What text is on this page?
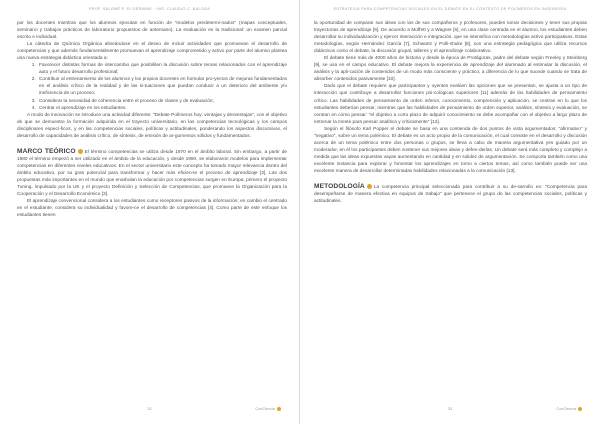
PROF. SALOMÉ P. DI GERMINE · ING. CLAUDIO C. BALOGA

por los docentes mientras que los alumnos ejecutan en función de "modelos predetermi-nados" (mapas conceptuales, seminario y trabajos prácticos de laboratorio propuestos de antemano). La evaluación es la tradicional: un examen parcial escrito e individual.

La cátedra de Química Orgánica alineándose en el deseo de incluir actividades que promuevan el desarrollo de competencias y que además fundamentalmente promuevan el aprendizaje comprometido y activo por parte del alumno plantea una nueva estrategia didáctica orientada a:

1. Favorecer distintas formas de intercambio que posibiliten la discusión sobre temas relacionados con el aprendizaje auto y el futuro desarrollo profesional;
2. Contribuir al entrenamiento de los alumnos y los propios docentes en formular pro-yectos de mejoras fundamentados en el análisis crítico de la realidad y de las si-tuaciones que puedan conducir a un deterioro del ambiente y/o ineficiencia de un proceso;
3. Considerar la necesidad de coherencia entre el proceso de clases y de evaluación;
4. Centrar el aprendizaje en los estudiantes.

A modo de innovación se introduce una actividad diferente: "Debate Polímeros hoy: ventajas y desventajas", con el objetivo de que se demuestre la formación adquirida en el trayecto universitario, en las competencias tecnológicas y los campos disciplinares especí-ficos, y en las competencias sociales, políticas y actitudinales, ponderando los aspectos discursivos, el desarrollo de capacidades de análisis crítico, de síntesis, de emisión de ar-gumentos sólidos y fundamentados.

MARCO TEÓRICO El término competencias se utiliza desde 1970 en el ámbito laboral. Sin embargo, a partir de 1980 el término empezó a ser utilizado en el ámbito de la educación, y desde 1990, se elaboraron modelos para implementar competencias en diferentes niveles educativos. En el sector universitario este concepto ha tomado mayor relevancia dentro del ámbito educativo, por su gran potencial para transformar y hacer más eficien-te el proceso de aprendizaje [2]. Las dos propuestas más importantes en el mundo que enarbolan la educación por competencias surgen en Europa, primero el proyecto Tuning, impulsado por la UE y el proyecto Definición y Selección de Competencias, que promueve la Organización para la Cooperación y el Desarrollo Económico [3].

El aprendizaje convencional considera a los estudiantes como receptores pasivos de la información; en cambio el centrado en el estudiante, considera su individualidad y favore-ce el desarrollo de competencias [4]. Como parte de este enfoque los estudiantes tienen

32	ConCiencia
ESTRATEGIA PARA COMPETENCIAS SOCIALES EN EL DEBATE EN EL CONTEXTO DE POLÍMEROS EN INGENIERÍA

la oportunidad de comparar sus ideas con las de sus compañeros y profesores, pueden tomar decisiones y tener sus propias trayectorias de aprendizaje [5]. De acuerdo a Moffett y a Wagner [6], en una clase centrada en el alumno, los estudiantes deben desarrollar su individualización y ejercer interacción e integración, que se intensifica con metodologías activo participativas. Estas metodologías, según Hernández García [7], Schwartz y Polli-shuke [8], son una estrategia pedagógica que utiliza recursos didácticos como el debate, la discusión grupal, talleres y el aprendizaje colaborativo.

El debate tiene más de 4000 años de historia y desde la época de Protágoras, padre del debate según Freeley y Steinberg [9], se usa en el campo educativo. El debate mejora la experiencia de aprendizaje del alumnado al estimular la discusión, el análisis y la apli-cación de contenidos de un modo más consciente y práctico, a diferencia de lo que sucede cuando se trata de absorber contenidos pasivamente [10].

Dado que el debate requiere que participantes y oyentes evalúen las opciones que se presentan, se ajusta a un tipo de interacción que contribuye a desarrollar funciones psi-cológicas superiores [11] además de las habilidades de pensamiento crítico. Las habilidades de pensamiento de orden inferior, conocimiento, comprensión y aplicación, se centran en lo que los estudiantes deberían pensar, mientras que las habilidades de pensamiento de orden superior, análisis, síntesis y evaluación, se centran en cómo pensar: "el objetivo a corto plazo de adquirir conocimiento se debe acompañar con el objetivo a largo plazo de entrenar la mente para pensar analítica y críticamente" [12].

Según el filósofo Karl Popper el debate se basa en una contienda de dos puntos de vista argumentados: "afirmativo" y "negativo", sobre un tema polémico. El debate es un acto propio de la comunicación, el cual consiste en el desarrollo y discusión acerca de un tema polémico entre dos personas o grupos, se lleva a cabo de manera argumentativa yes guiado por un moderador, en él los participantes deben sostener sus mejores ideas y defen-derlas. Un debate será más completo y complejo a medida que las ideas expuestas vayan aumentando en cantidad y en solidez de argumentación. Se comporta también como una excelente instancia para explorar y fomentar los aprendizajes en torno a ciertos temas, así como también puede ser una excelente manera de desarrollar determinadas habilidades relacionadas a la comunicación [13].

METODOLOGÍA La competencia principal seleccionada para contribuir a su de-sarrollo es: "Competencia para desempeñarse de manera efectiva en equipos de trabajo" que pertenece el grupo de las competencias sociales, políticas y actitudinales.

33	ConCiencia
